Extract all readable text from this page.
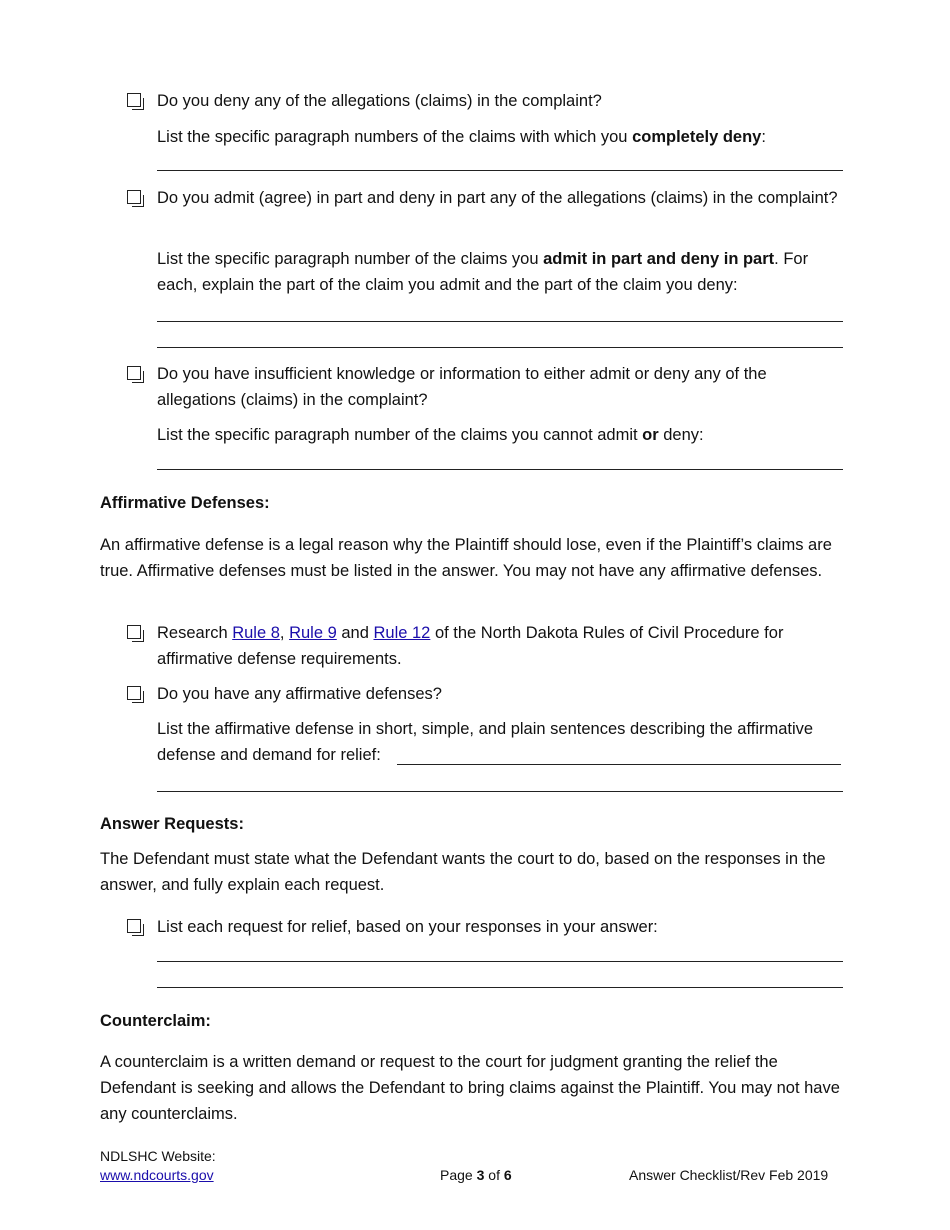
Do you deny any of the allegations (claims) in the complaint?
List the specific paragraph numbers of the claims with which you completely deny:
Do you admit (agree) in part and deny in part any of the allegations (claims) in the complaint?
List the specific paragraph number of the claims you admit in part and deny in part. For each, explain the part of the claim you admit and the part of the claim you deny:
Do you have insufficient knowledge or information to either admit or deny any of the allegations (claims) in the complaint?
List the specific paragraph number of the claims you cannot admit or deny:
Affirmative Defenses:
An affirmative defense is a legal reason why the Plaintiff should lose, even if the Plaintiff’s claims are true. Affirmative defenses must be listed in the answer. You may not have any affirmative defenses.
Research Rule 8, Rule 9 and Rule 12 of the North Dakota Rules of Civil Procedure for affirmative defense requirements.
Do you have any affirmative defenses?
List the affirmative defense in short, simple, and plain sentences describing the affirmative defense and demand for relief:
Answer Requests:
The Defendant must state what the Defendant wants the court to do, based on the responses in the answer, and fully explain each request.
List each request for relief, based on your responses in your answer:
Counterclaim:
A counterclaim is a written demand or request to the court for judgment granting the relief the Defendant is seeking and allows the Defendant to bring claims against the Plaintiff. You may not have any counterclaims.
NDLSHC Website:
www.ndcourts.gov	Page 3 of 6	Answer Checklist/Rev Feb 2019
